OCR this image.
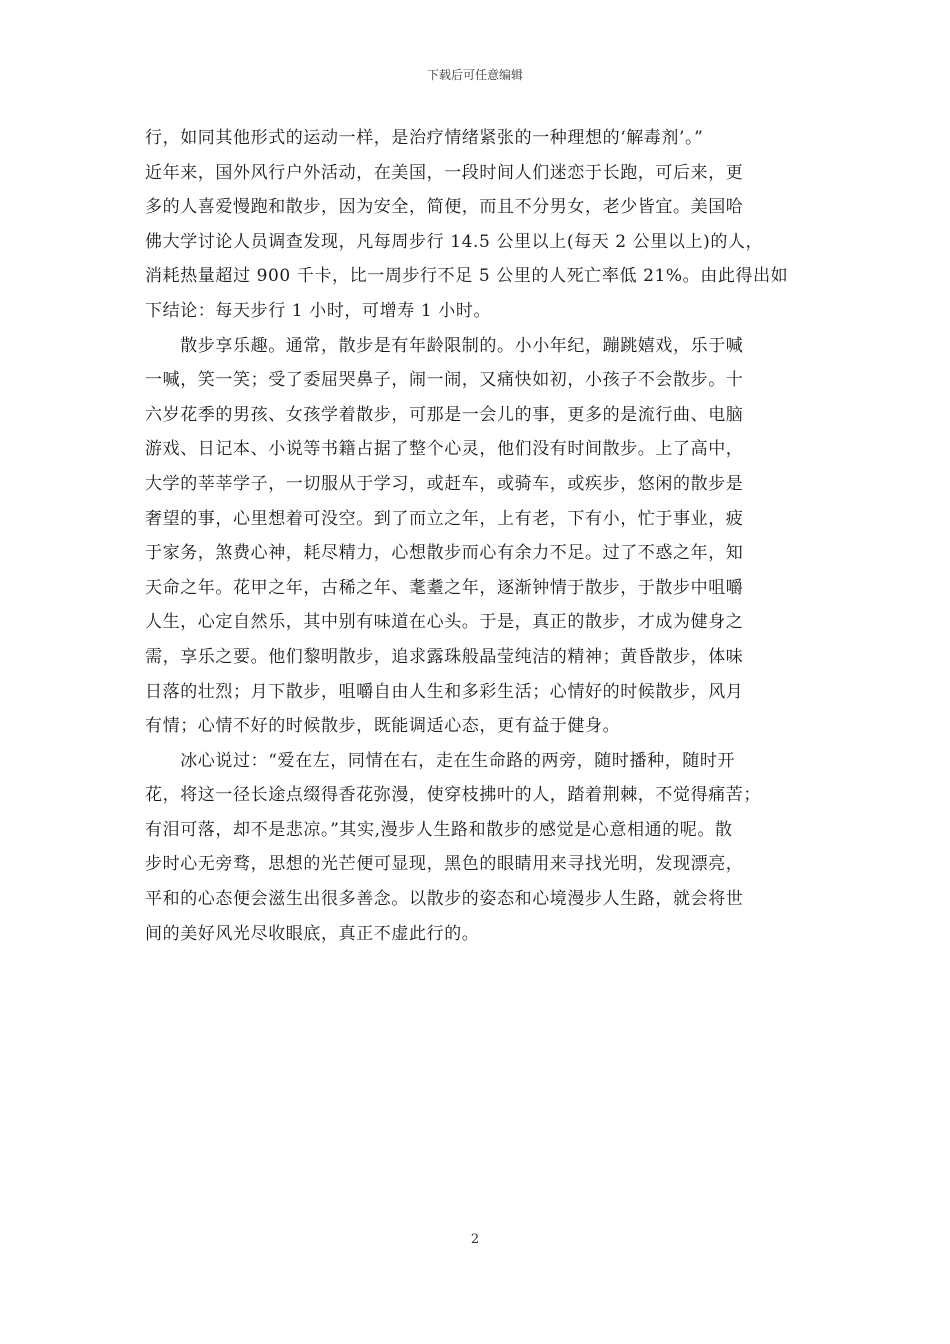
下载后可任意编辑
行，如同其他形式的运动一样，是治疗情绪紧张的一种理想的‘解毒剂’。”
近年来，国外风行户外活动，在美国，一段时间人们迷恋于长跑，可后来，更
多的人喜爱慢跑和散步，因为安全，简便，而且不分男女，老少皆宜。美国哈
佛大学讨论人员调查发现，凡每周步行 14.5 公里以上(每天 2 公里以上)的人，
消耗热量超过 900 千卡，比一周步行不足 5 公里的人死亡率低 21%。由此得出如
下结论：每天步行 1 小时，可增寿 1 小时。
　　散步享乐趣。通常，散步是有年龄限制的。小小年纪，蹦跳嬉戏，乐于喊
一喊，笑一笑；受了委屈哭鼻子，闹一闹，又痛快如初，小孩子不会散步。十
六岁花季的男孩、女孩学着散步，可那是一会儿的事，更多的是流行曲、电脑
游戏、日记本、小说等书籍占据了整个心灵，他们没有时间散步。上了高中，
大学的莘莘学子，一切服从于学习，或赶车，或骑车，或疾步，悠闲的散步是
奢望的事，心里想着可没空。到了而立之年，上有老，下有小，忙于事业，疲
于家务，煞费心神，耗尽精力，心想散步而心有余力不足。过了不惑之年，知
天命之年。花甲之年，古稀之年、耄耋之年，逐渐钟情于散步，于散步中咀嚼
人生，心定自然乐，其中别有味道在心头。于是，真正的散步，才成为健身之
需，享乐之要。他们黎明散步，追求露珠般晶莹纯洁的精神；黄昏散步，体味
日落的壮烈；月下散步，咀嚼自由人生和多彩生活；心情好的时候散步，风月
有情；心情不好的时候散步，既能调适心态，更有益于健身。
　　冰心说过：“爱在左，同情在右，走在生命路的两旁，随时播种，随时开
花，将这一径长途点缀得香花弥漫，使穿枝拂叶的人，踏着荆棘，不觉得痛苦；
有泪可落，却不是悲凉。”其实,漫步人生路和散步的感觉是心意相通的呢。散
步时心无旁骛，思想的光芒便可显现，黑色的眼睛用来寻找光明，发现漂亮，
平和的心态便会滋生出很多善念。以散步的姿态和心境漫步人生路，就会将世
间的美好风光尽收眼底，真正不虚此行的。
2
